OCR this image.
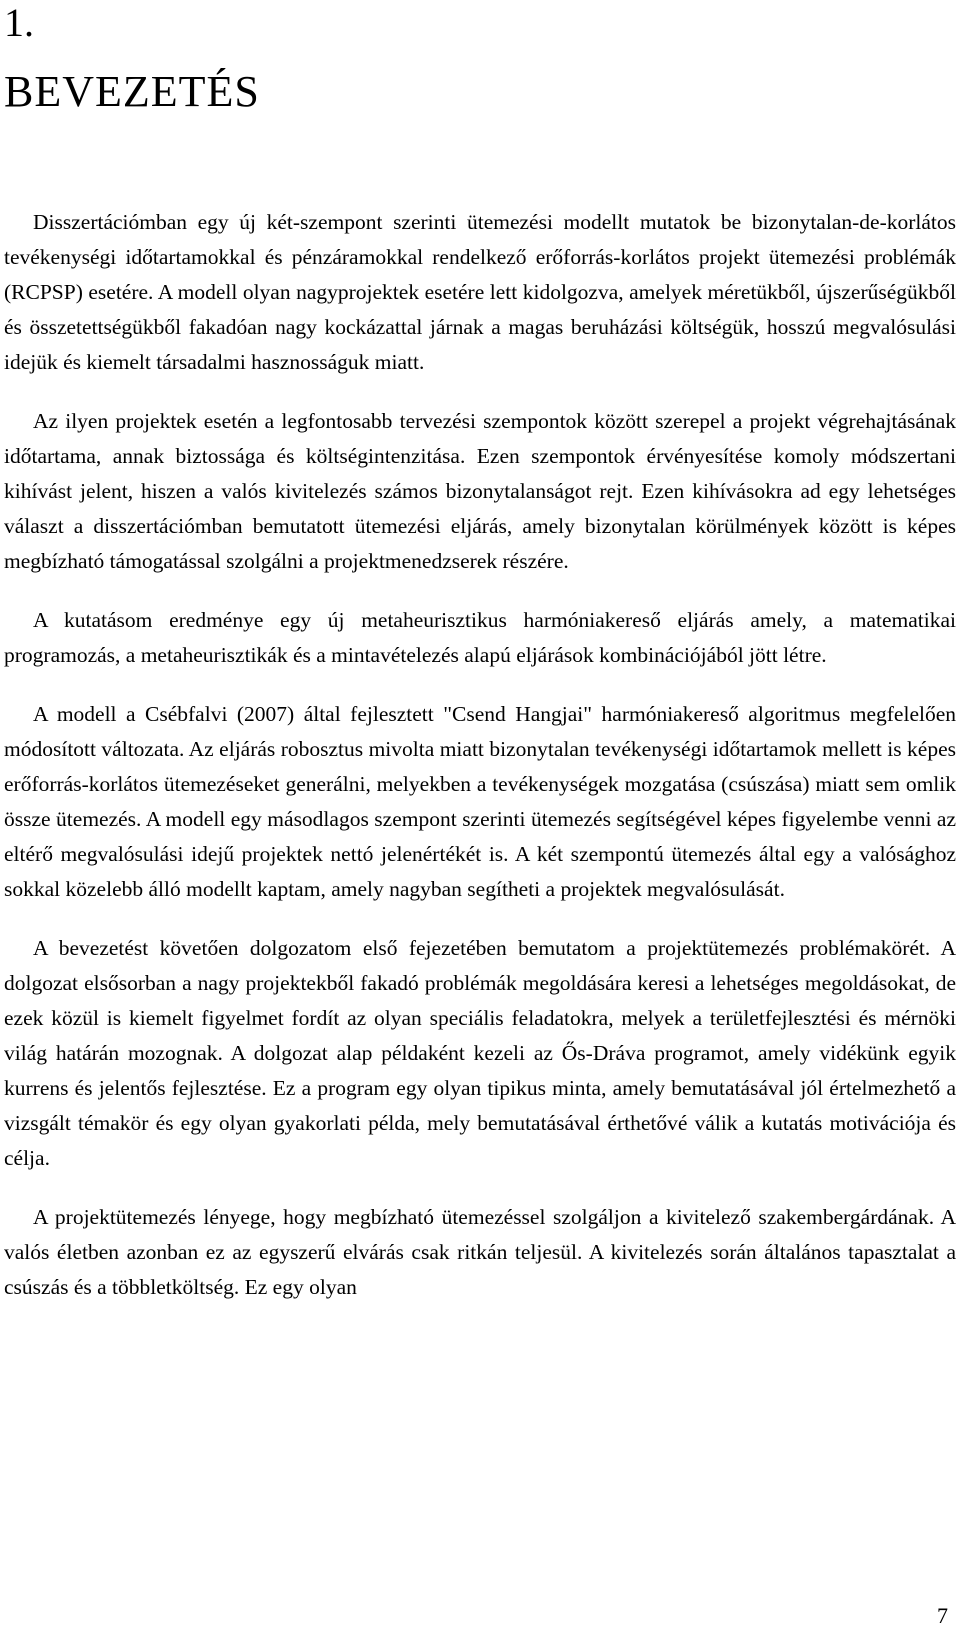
1.
BEVEZETÉS

Disszertációmban egy új két-szempont szerinti ütemezési modellt mutatok be bizonytalan-de-korlátos tevékenységi időtartamokkal és pénzáramokkal rendelkező erőforrás-korlátos projekt ütemezési problémák (RCPSP) esetére. A modell olyan nagyprojektek esetére lett kidolgozva, amelyek méretükből, újszerűségükből és összetettségükből fakadóan nagy kockázattal járnak a magas beruházási költségük, hosszú megvalósulási idejük és kiemelt társadalmi hasznosságuk miatt.

Az ilyen projektek esetén a legfontosabb tervezési szempontok között szerepel a projekt végrehajtásának időtartama, annak biztossága és költségintenzitása. Ezen szempontok érvényesítése komoly módszertani kihívást jelent, hiszen a valós kivitelezés számos bizonytalanságot rejt. Ezen kihívásokra ad egy lehetséges választ a disszertációmban bemutatott ütemezési eljárás, amely bizonytalan körülmények között is képes megbízható támogatással szolgálni a projektmenedzserek részére.

A kutatásom eredménye egy új metaheurisztikus harmóniakereső eljárás amely, a matematikai programozás, a metaheurisztikák és a mintavételezés alapú eljárások kombinációjából jött létre.

A modell a Csébfalvi (2007) által fejlesztett "Csend Hangjai" harmóniakereső algoritmus megfelelően módosított változata. Az eljárás robosztus mivolta miatt bizonytalan tevékenységi időtartamok mellett is képes erőforrás-korlátos ütemezéseket generálni, melyekben a tevékenységek mozgatása (csúszása) miatt sem omlik össze ütemezés. A modell egy másodlagos szempont szerinti ütemezés segítségével képes figyelembe venni az eltérő megvalósulási idejű projektek nettó jelenértékét is. A két szempontú ütemezés által egy a valósághoz sokkal közelebb álló modellt kaptam, amely nagyban segítheti a projektek megvalósulását.

A bevezetést követően dolgozatom első fejezetében bemutatom a projektütemezés problémakörét. A dolgozat elsősorban a nagy projektekből fakadó problémák megoldására keresi a lehetséges megoldásokat, de ezek közül is kiemelt figyelmet fordít az olyan speciális feladatokra, melyek a területfejlesztési és mérnöki világ határán mozognak. A dolgozat alap példaként kezeli az Ős-Dráva programot, amely vidékünk egyik kurrens és jelentős fejlesztése. Ez a program egy olyan tipikus minta, amely bemutatásával jól értelmezhető a vizsgált témakör és egy olyan gyakorlati példa, mely bemutatásával érthetővé válik a kutatás motivációja és célja.

A projektütemezés lényege, hogy megbízható ütemezéssel szolgáljon a kivitelező szakembergárdának. A valós életben azonban ez az egyszerű elvárás csak ritkán teljesül. A kivitelezés során általános tapasztalat a csúszás és a többletköltség. Ez egy olyan

7
